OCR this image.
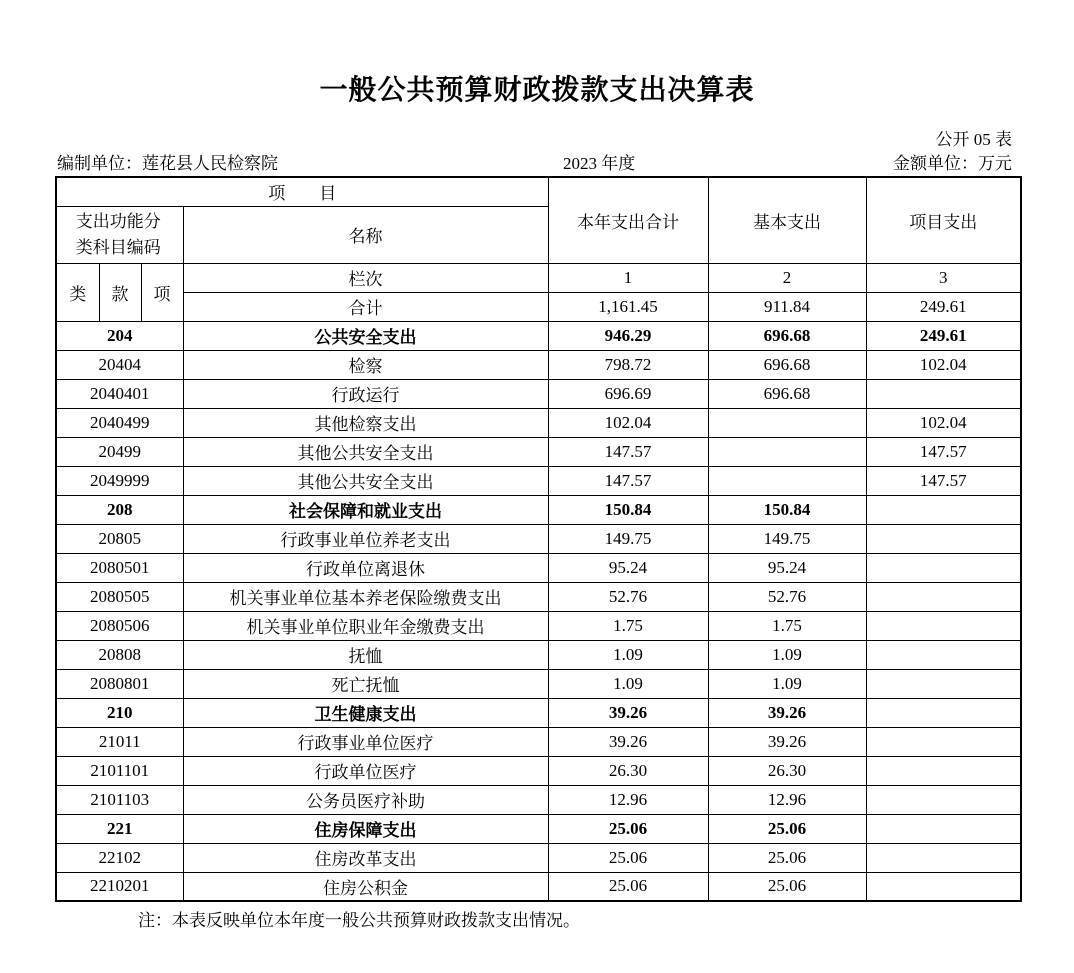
一般公共预算财政拨款支出决算表
公开 05 表
编制单位：莲花县人民检察院	2023 年度	金额单位：万元
项　　目				本年支出合计	基本支出	项目支出
支出功能分类科目编码			名称			
类	款	项	栏次	1	2	3
			合计	1,161.45	911.84	249.61
204			公共安全支出	946.29	696.68	249.61
20404			检察	798.72	696.68	102.04
2040401			行政运行	696.69	696.68	
2040499			其他检察支出	102.04		102.04
20499			其他公共安全支出	147.57		147.57
2049999			其他公共安全支出	147.57		147.57
208			社会保障和就业支出	150.84	150.84	
20805			行政事业单位养老支出	149.75	149.75	
2080501			行政单位离退休	95.24	95.24	
2080505			机关事业单位基本养老保险缴费支出	52.76	52.76	
2080506			机关事业单位职业年金缴费支出	1.75	1.75	
20808			抚恤	1.09	1.09	
2080801			死亡抚恤	1.09	1.09	
210			卫生健康支出	39.26	39.26	
21011			行政事业单位医疗	39.26	39.26	
2101101			行政单位医疗	26.30	26.30	
2101103			公务员医疗补助	12.96	12.96	
221			住房保障支出	25.06	25.06	
22102			住房改革支出	25.06	25.06	
2210201			住房公积金	25.06	25.06	
注：本表反映单位本年度一般公共预算财政拨款支出情况。
